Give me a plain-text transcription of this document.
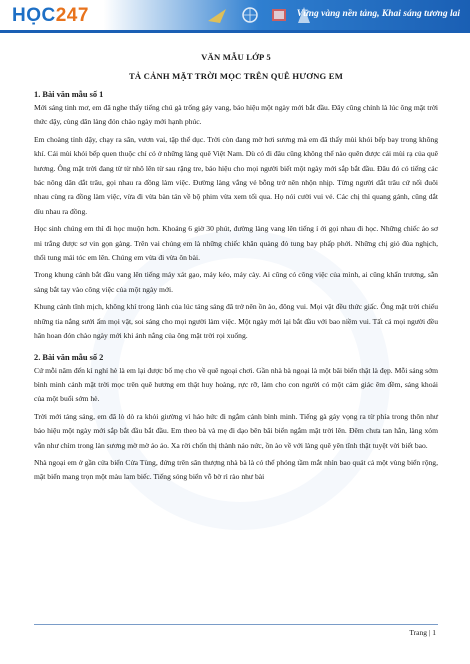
HỌC247	Vững vàng nền tảng, Khai sáng tương lai
VĂN MẪU LỚP 5
TẢ CẢNH MẶT TRỜI MỌC TRÊN QUÊ HƯƠNG EM
1. Bài văn mẫu số 1

Mới sáng tinh mơ, em đã nghe thấy tiếng chú gà trống gáy vang, báo hiệu một ngày mới bắt đầu. Đây cũng chính là lúc ông mặt trời thức dậy, cùng dân làng đón chào ngày mới hạnh phúc.

Em choàng tỉnh dậy, chạy ra sân, vươn vai, tập thể dục. Trời còn đang mờ hơi sương mà em đã thấy mùi khói bếp bay trong không khí. Cái mùi khói bếp quen thuộc chỉ có ở những làng quê Việt Nam. Dù có đi đâu cũng không thể nào quên được cái mùi rạ của quê hương. Ông mặt trời đang từ từ nhô lên từ sau rặng tre, báo hiệu cho mọi người biết một ngày mới sắp bắt đầu. Đâu đó có tiếng các bác nông dân dắt trâu, gọi nhau ra đồng làm việc. Đường làng vắng vẻ bỗng trở nên nhộn nhịp. Từng người dắt trâu cứ nối đuôi nhau cùng ra đồng làm việc, vừa đi vừa bàn tán về bộ phim vừa xem tối qua. Họ nói cười vui vẻ. Các chị thì quang gánh, cũng dắt díu nhau ra đồng.

Học sinh chúng em thì đi học muộn hơn. Khoảng 6 giờ 30 phút, đường làng vang lên tiếng í ới gọi nhau đi học. Những chiếc áo sơ mi trắng được sơ vin gọn gàng. Trên vai chúng em là những chiếc khăn quàng đỏ tung bay phấp phới. Những chị giỏ đùa nghịch, thổi tung mái tóc em lên. Chúng em vừa đi vừa ôn bài.

Trong khung cảnh bắt đầu vang lên tiếng máy xát gạo, máy kéo, máy cày. Ai cũng có công việc của mình, ai cũng khẩn trương, sẵn sàng bắt tay vào công việc của một ngày mới.

Khung cảnh tĩnh mịch, không khí trong lành của lúc tảng sáng đã trở nên ồn ào, đông vui. Mọi vật đều thức giấc. Ông mặt trời chiếu những tia nắng sưởi ấm mọi vật, soi sáng cho mọi người làm việc. Một ngày mới lại bắt đầu với bao niềm vui. Tất cả mọi người đều hân hoan đón chào ngày mới khi ánh nắng của ông mặt trời rọi xuống.

2. Bài văn mẫu số 2

Cứ mỗi năm đến kì nghỉ hè là em lại được bố mẹ cho về quê ngoại chơi. Gần nhà bà ngoại là một bãi biển thật là đẹp. Mỗi sáng sớm bình minh cảnh mặt trời mọc trên quê hương em thật huy hoàng, rực rỡ, làm cho con người có một cảm giác êm đềm, sảng khoái của một buổi sớm hè.

Trời mới tảng sáng, em đã lò dò ra khỏi giường vì háo hức đi ngắm cảnh bình minh. Tiếng gà gáy vọng ra từ phía trong thôn như báo hiệu một ngày mới sắp bắt đầu bắt đầu. Em theo bà và mẹ đi dạo bên bãi biển ngắm mặt trời lên. Đêm chưa tan hẳn, làng xóm vẫn như chìm trong làn sương mờ mờ ảo ảo. Xa rời chốn thị thành náo nức, ồn ào về với làng quê yên tĩnh thật tuyệt vời biết bao.

Nhà ngoại em ở gần cửa biển Cửa Tùng, đứng trên sân thượng nhà bà là có thể phóng tầm mắt nhìn bao quát cả một vùng biển rộng, mặt biển mang trọn một màu lam biếc. Tiếng sóng biển vỗ bờ rì rào như bài

Trang | 1
